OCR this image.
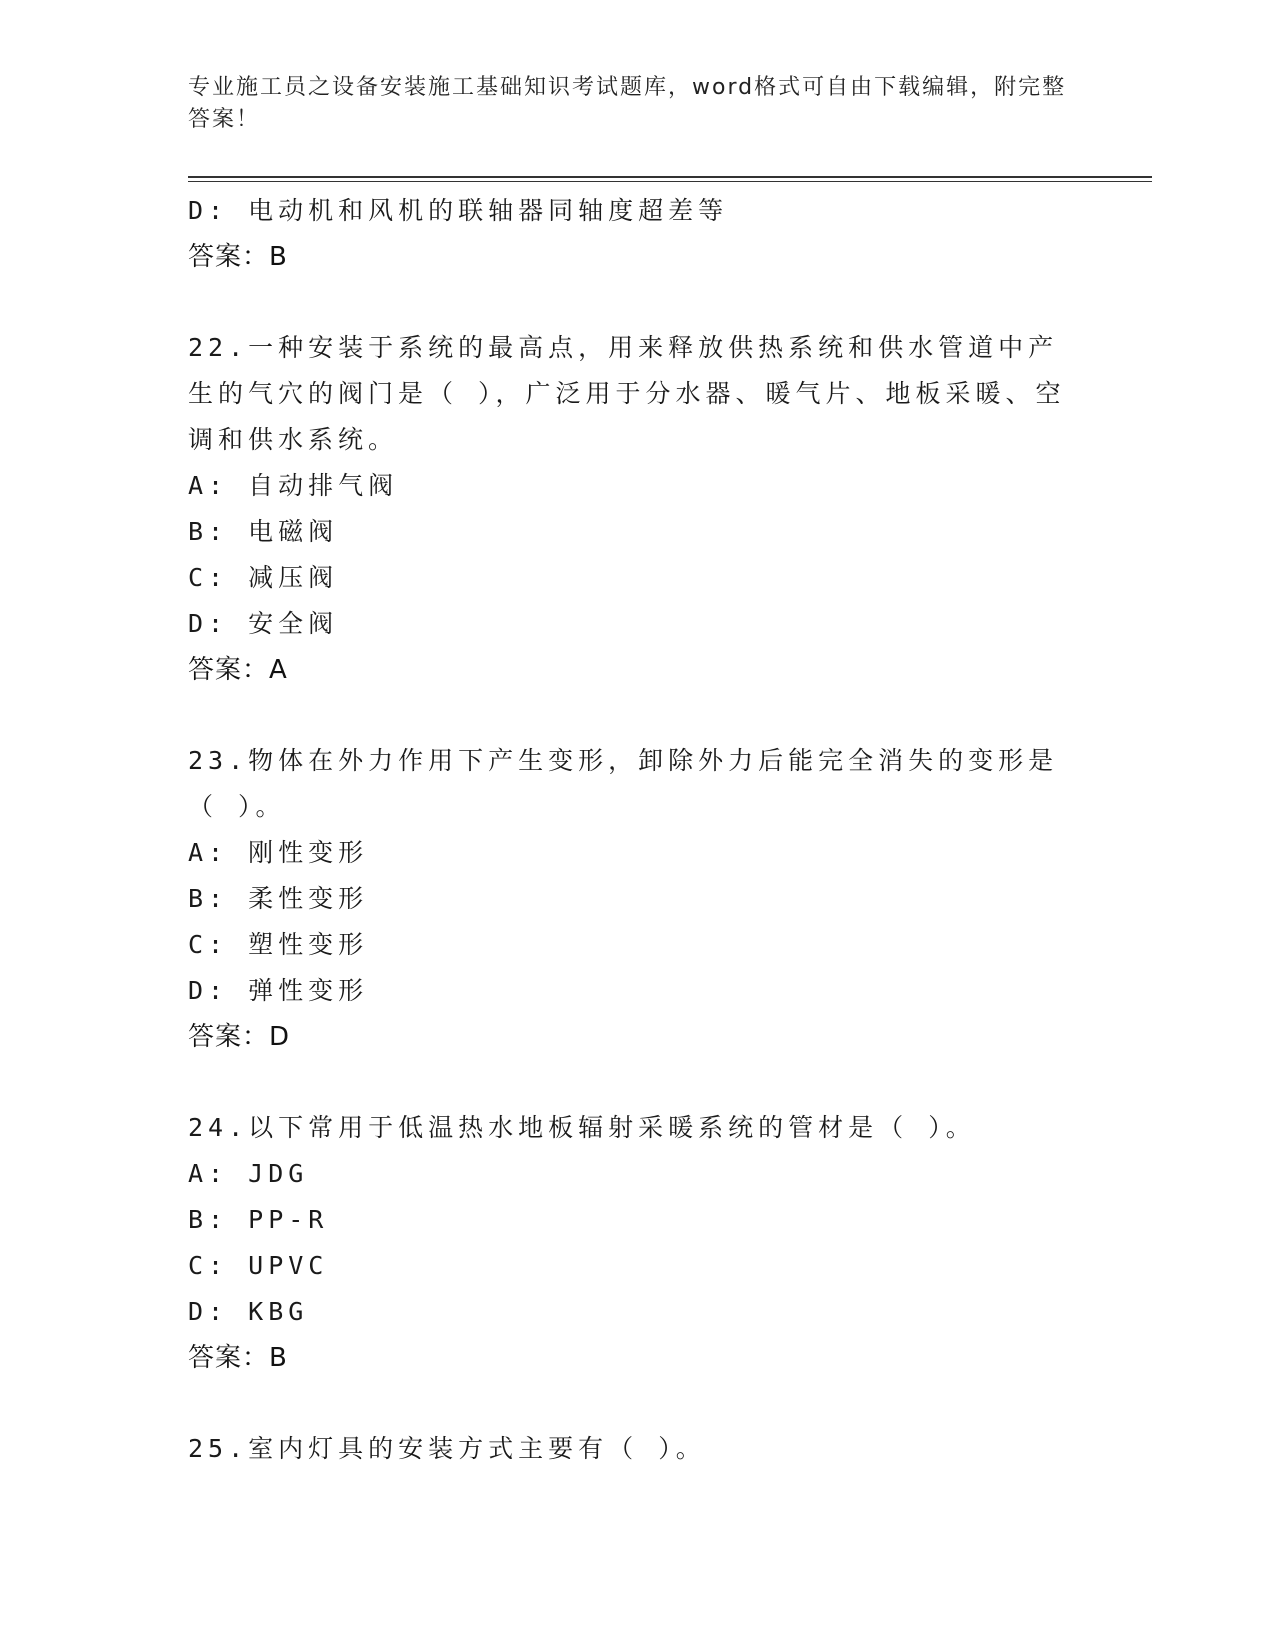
专业施工员之设备安装施工基础知识考试题库，word格式可自由下载编辑，附完整答案！
D: 电动机和风机的联轴器同轴度超差等
答案：B
22.一种安装于系统的最高点，用来释放供热系统和供水管道中产生的气穴的阀门是（ ），广泛用于分水器、暖气片、地板采暖、空调和供水系统。
A: 自动排气阀
B: 电磁阀
C: 减压阀
D: 安全阀
答案：A
23.物体在外力作用下产生变形，卸除外力后能完全消失的变形是（ ）。
A: 刚性变形
B: 柔性变形
C: 塑性变形
D: 弹性变形
答案：D
24.以下常用于低温热水地板辐射采暖系统的管材是（ ）。
A: JDG
B: PP-R
C: UPVC
D: KBG
答案：B
25.室内灯具的安装方式主要有（ ）。
